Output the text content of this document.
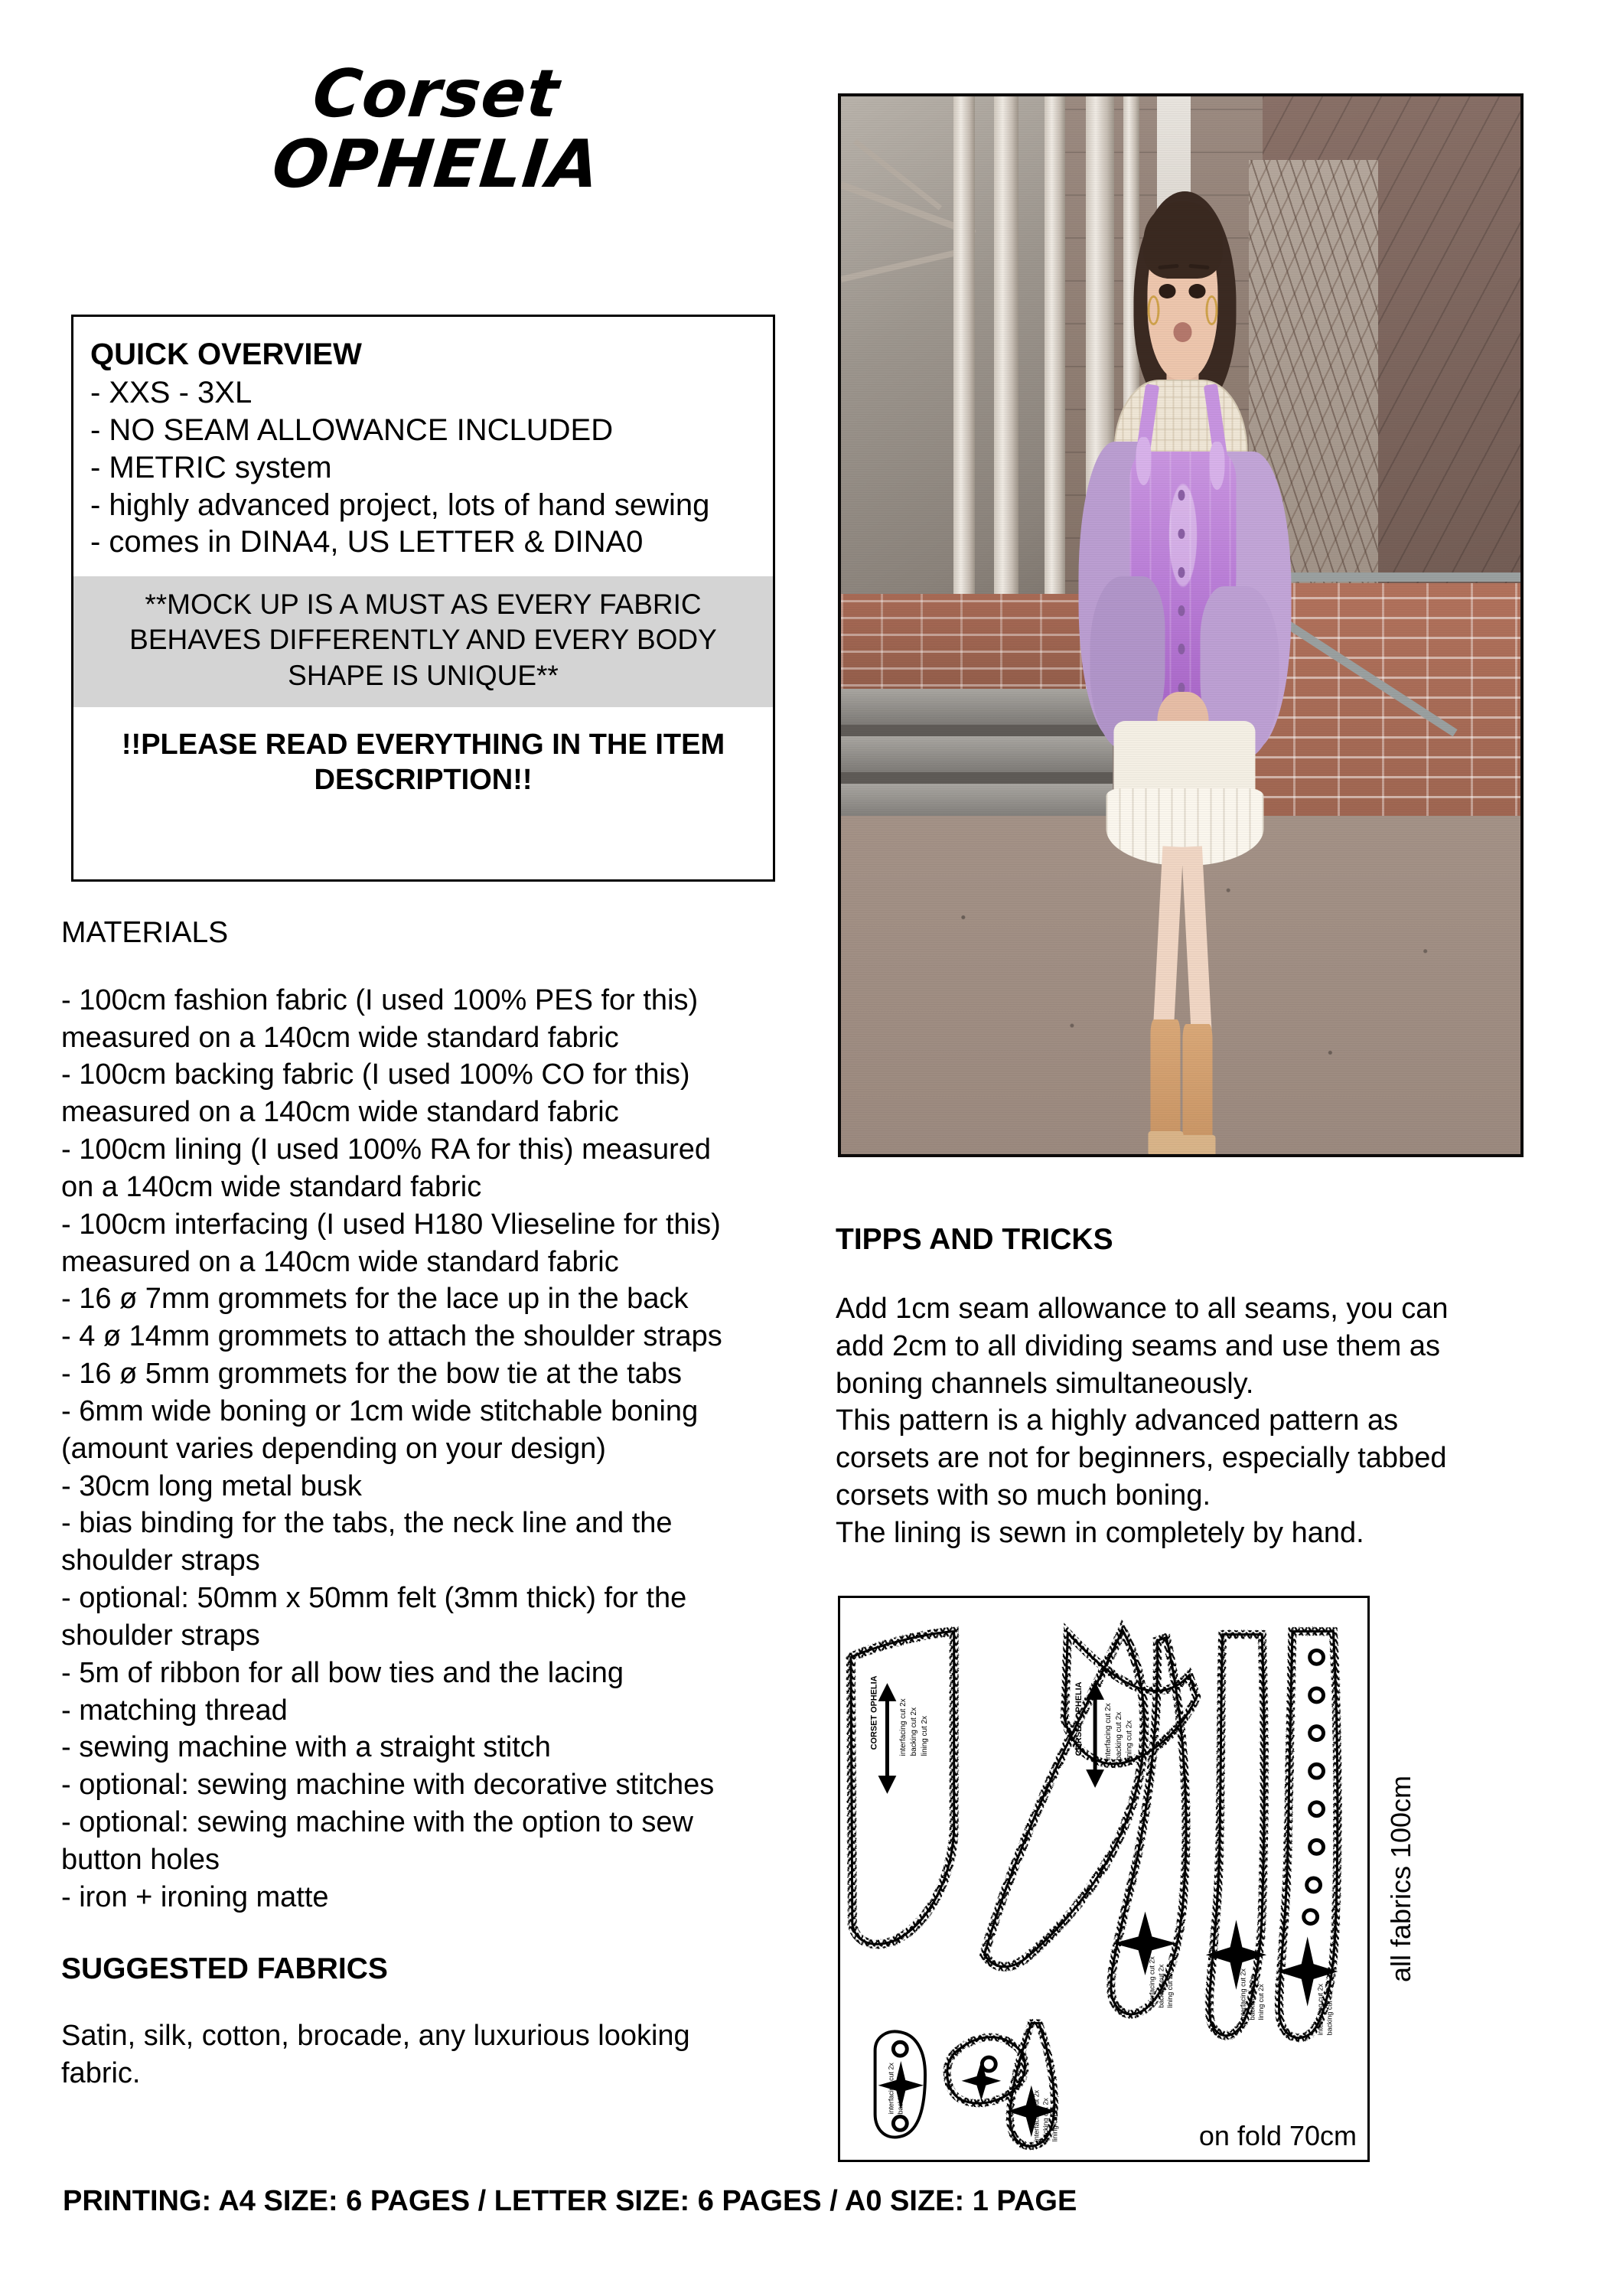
Corset
OPHELIA
QUICK OVERVIEW
- XXS - 3XL
- NO SEAM ALLOWANCE INCLUDED
- METRIC system
- highly advanced project, lots of hand sewing
- comes in DINA4, US LETTER & DINA0
**MOCK UP IS A MUST AS EVERY FABRIC
BEHAVES DIFFERENTLY AND EVERY BODY
SHAPE IS UNIQUE**
!!PLEASE READ EVERYTHING IN THE ITEM
DESCRIPTION!!
MATERIALS
- 100cm fashion fabric (I used 100% PES for this)
measured on a 140cm wide standard fabric
- 100cm backing fabric (I used 100% CO for this)
measured on a 140cm wide standard fabric
- 100cm lining (I used 100% RA for this) measured
on a 140cm wide standard fabric
- 100cm interfacing (I used H180 Vlieseline for this)
measured on a 140cm wide standard fabric
- 16 ø 7mm grommets for the lace up in the back
- 4 ø 14mm grommets to attach the shoulder straps
- 16 ø 5mm grommets for the bow tie at the tabs
- 6mm wide boning or 1cm wide stitchable boning
(amount varies depending on your design)
- 30cm long metal busk
- bias binding for the tabs, the neck line and the
shoulder straps
- optional: 50mm x 50mm felt (3mm thick) for the
shoulder straps
- 5m of ribbon for all bow ties and the lacing
- matching thread
- sewing machine with a straight stitch
- optional: sewing machine with decorative stitches
- optional: sewing machine with the option to sew
button holes
- iron + ironing matte
SUGGESTED FABRICS
Satin, silk, cotton, brocade, any luxurious looking
fabric.
TIPPS AND TRICKS
Add 1cm seam allowance to all seams, you can
add 2cm to all dividing seams and use them as
boning channels simultaneously.
This pattern is a highly advanced pattern as
corsets are not for beginners, especially tabbed
corsets with so much boning.
The lining is sewn in completely by hand.
CORSET OPHELIA	interfacing cut 2x backing cut 2x lining cut 2x	CORSET OPHELIA	interfacing cut 2x backing cut 2x lining cut 2x
interfacing cut 2x backing cut 2x lining cut 2x	interfacing cut 2x backing cut 2x lining cut 2x	interfacing cut 2x backing cut 2x
interfacing cut 2x backing cut 2x	interfacing cut 2x backing cut 2x lining cut 2x	on fold 70cm
all fabrics 100cm
PRINTING: A4 SIZE: 6 PAGES / LETTER SIZE: 6 PAGES / A0 SIZE: 1 PAGE
